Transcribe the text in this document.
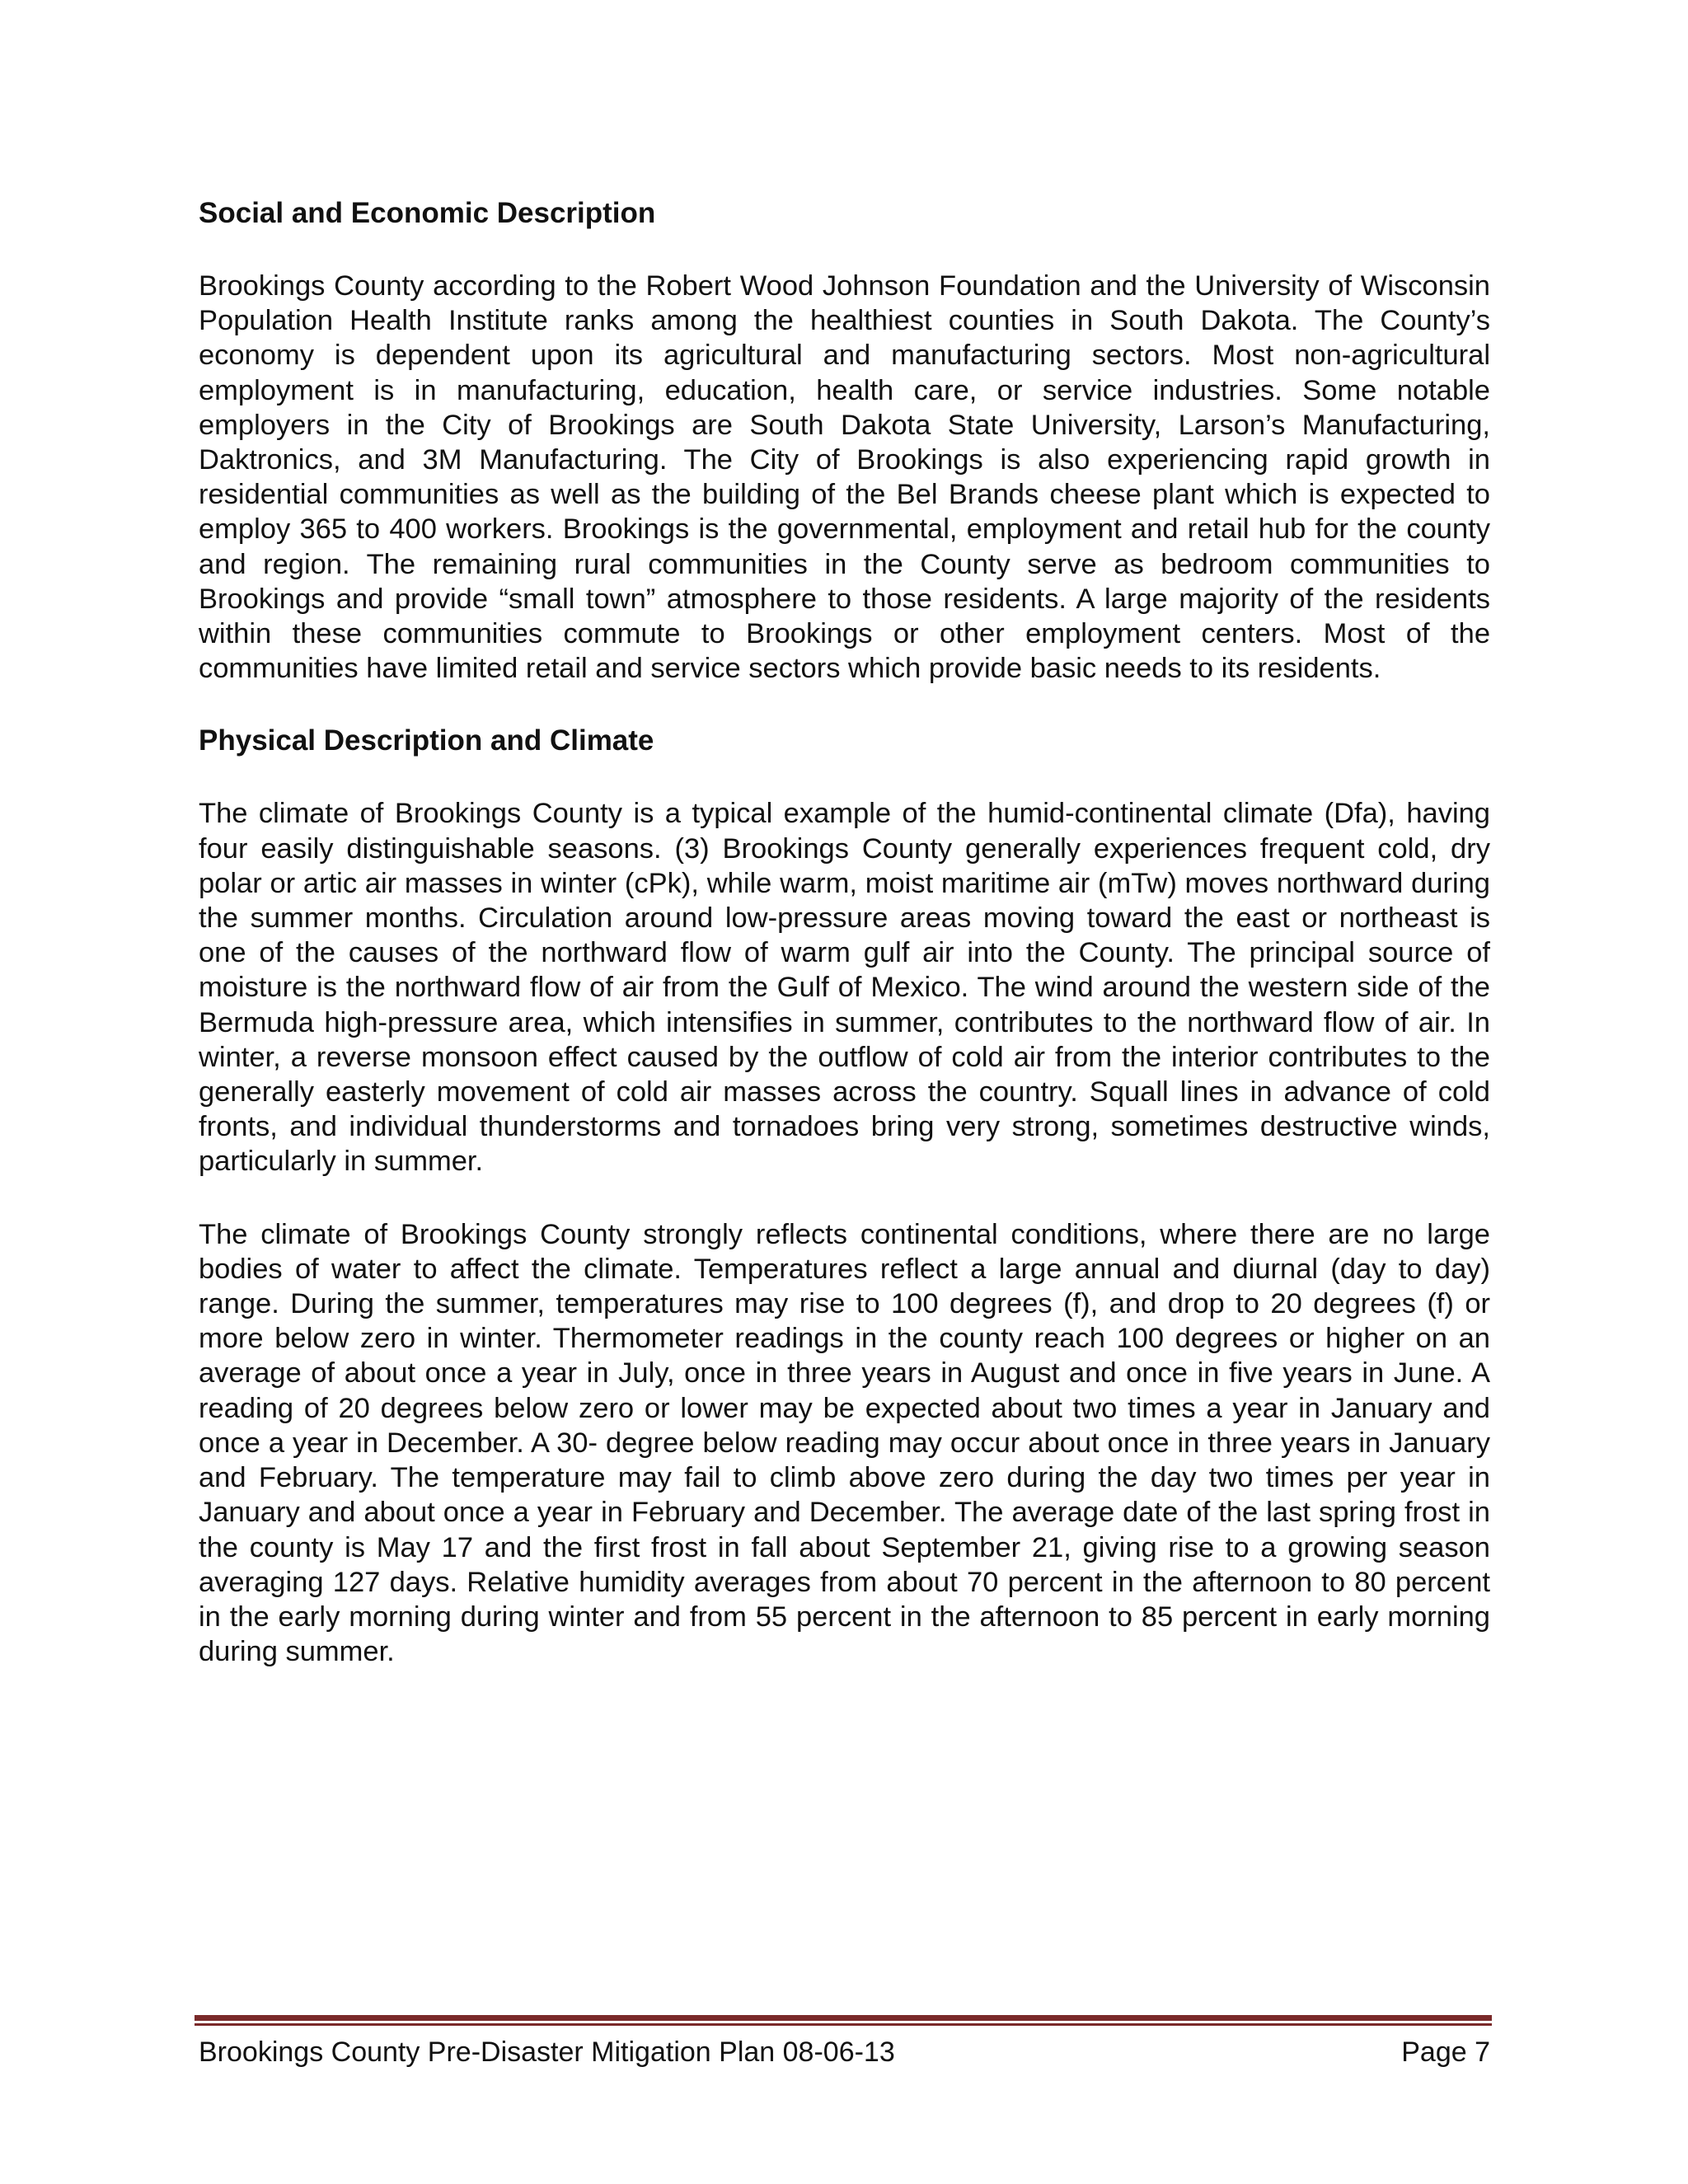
Social and Economic Description

Brookings County according to the Robert Wood Johnson Foundation and the University of Wisconsin Population Health Institute ranks among the healthiest counties in South Dakota. The County’s economy is dependent upon its agricultural and manufacturing sectors. Most non-agricultural employment is in manufacturing, education, health care, or service industries. Some notable employers in the City of Brookings are South Dakota State University, Larson’s Manufacturing, Daktronics, and 3M Manufacturing. The City of Brookings is also experiencing rapid growth in residential communities as well as the building of the Bel Brands cheese plant which is expected to employ 365 to 400 workers. Brookings is the governmental, employment and retail hub for the county and region. The remaining rural communities in the County serve as bedroom communities to Brookings and provide “small town” atmosphere to those residents. A large majority of the residents within these communities commute to Brookings or other employment centers. Most of the communities have limited retail and service sectors which provide basic needs to its residents.

Physical Description and Climate

The climate of Brookings County is a typical example of the humid-continental climate (Dfa), having four easily distinguishable seasons. (3) Brookings County generally experiences frequent cold, dry polar or artic air masses in winter (cPk), while warm, moist maritime air (mTw) moves northward during the summer months. Circulation around low-pressure areas moving toward the east or northeast is one of the causes of the northward flow of warm gulf air into the County. The principal source of moisture is the northward flow of air from the Gulf of Mexico. The wind around the western side of the Bermuda high-pressure area, which intensifies in summer, contributes to the northward flow of air. In winter, a reverse monsoon effect caused by the outflow of cold air from the interior contributes to the generally easterly movement of cold air masses across the country. Squall lines in advance of cold fronts, and individual thunderstorms and tornadoes bring very strong, sometimes destructive winds, particularly in summer.

The climate of Brookings County strongly reflects continental conditions, where there are no large bodies of water to affect the climate. Temperatures reflect a large annual and diurnal (day to day) range. During the summer, temperatures may rise to 100 degrees (f), and drop to 20 degrees (f) or more below zero in winter. Thermometer readings in the county reach 100 degrees or higher on an average of about once a year in July, once in three years in August and once in five years in June. A reading of 20 degrees below zero or lower may be expected about two times a year in January and once a year in December. A 30- degree below reading may occur about once in three years in January and February. The temperature may fail to climb above zero during the day two times per year in January and about once a year in February and December. The average date of the last spring frost in the county is May 17 and the first frost in fall about September 21, giving rise to a growing season averaging 127 days. Relative humidity averages from about 70 percent in the afternoon to 80 percent in the early morning during winter and from 55 percent in the afternoon to 85 percent in early morning during summer.

Brookings County Pre-Disaster Mitigation Plan 08-06-13	Page 7
